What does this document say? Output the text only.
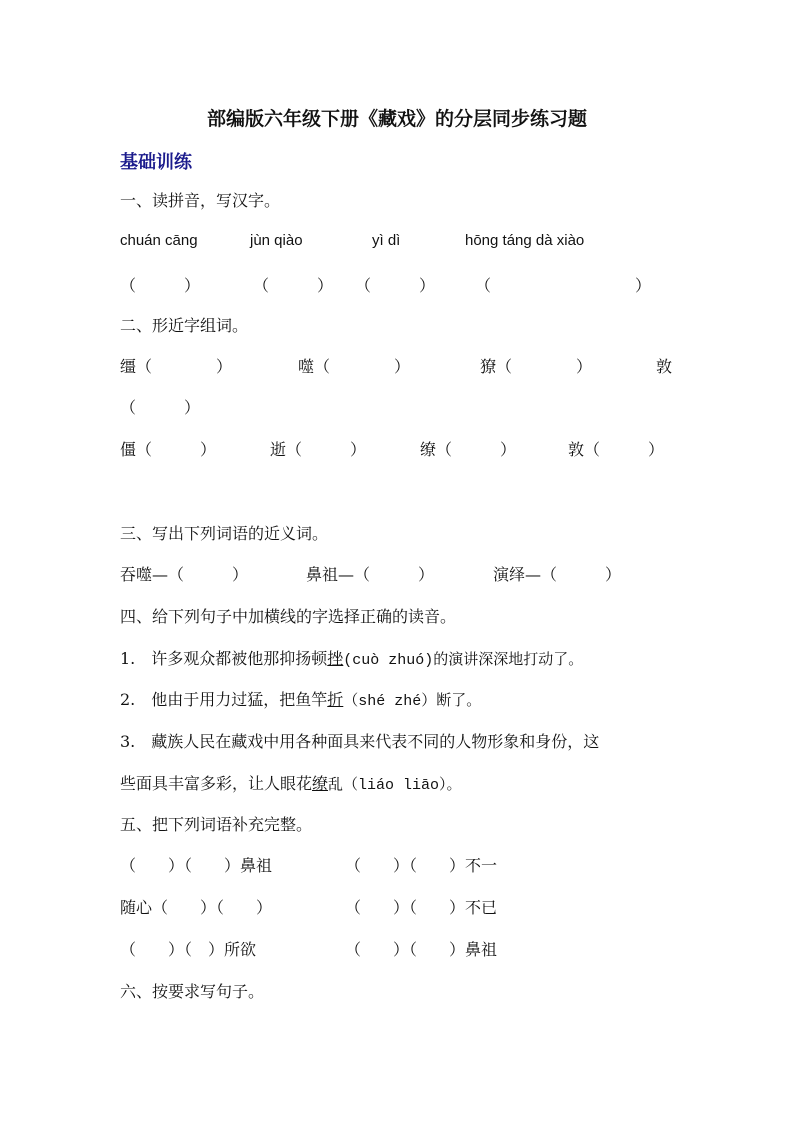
部编版六年级下册《藏戏》的分层同步练习题
基础训练
一、读拼音，写汉字。
chuán cāng	jùn qiào	yì dì	hōng táng dà xiào
（　　　）	（　　　） （　　　） （　　　　　　　　　）
二、形近字组词。
缰（　　　　）	噬（　　　　）	獠（　　　　）	敦
（　　　）
僵（　　　）	逝（　　　）	缭（　　　）	敦（　　　）
三、写出下列词语的近义词。
吞噬—（　　　）	鼻祖—（　　　）	演绎—（　　　）
四、给下列句子中加横线的字选择正确的读音。
1.　许多观众都被他那抑扬顿挫(cuò zhuó)的演讲深深地打动了。
2.　他由于用力过猛，把鱼竿折（shé zhé）断了。
3.　藏族人民在藏戏中用各种面具来代表不同的人物形象和身份，这
些面具丰富多彩，让人眼花缭乱（liáo liāo）。
五、把下列词语补充完整。
（　　）（　　）鼻祖	（　　）（　　）不一
随心（　　）（　　）	（　　）（　　）不已
（　　）（　）所欲	（　　）（　　）鼻祖
六、按要求写句子。
